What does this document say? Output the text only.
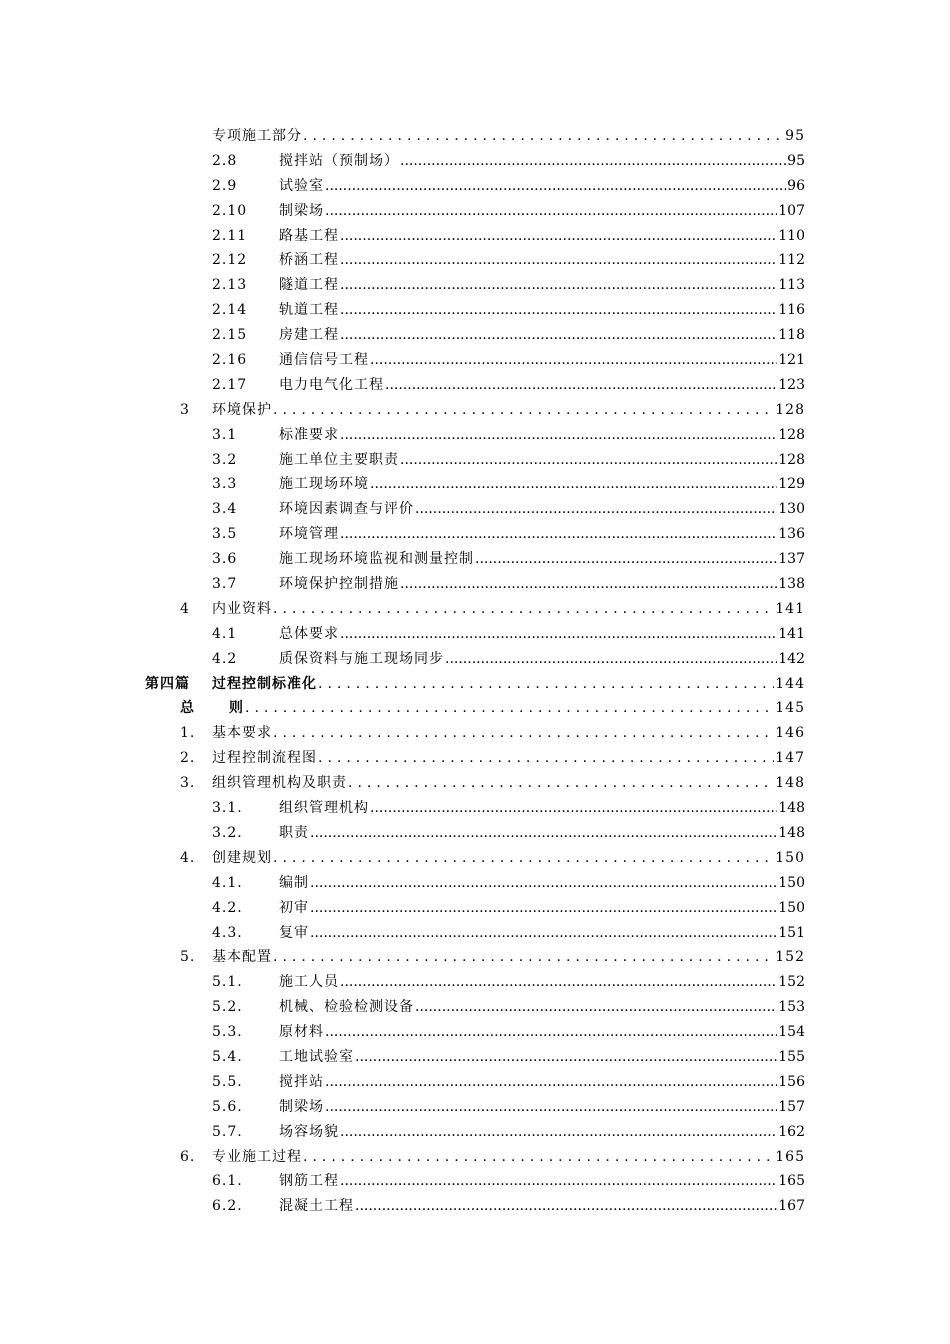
专项施工部分 .....	95
2.8	搅拌站（预制场） .....	95
2.9	试验室 .....	96
2.10 制梁场 .....	107
2.11 路基工程 .....	110
2.12 桥涵工程 .....	112
2.13 隧道工程 .....	113
2.14 轨道工程 .....	116
2.15 房建工程 .....	118
2.16 通信信号工程 .....	121
2.17 电力电气化工程 .....	123
3 环境保护 .....	128
3.1	标准要求 .....	128
3.2	施工单位主要职责 .....	128
3.3	施工现场环境 .....	129
3.4	环境因素调查与评价 .....	130
3.5	环境管理 .....	136
3.6	施工现场环境监视和测量控制 .....	137
3.7	环境保护控制措施 .....	138
4 内业资料 .....	141
4.1	总体要求 .....	141
4.2	质保资料与施工现场同步 .....	142
第四篇 过程控制标准化 .....	144
总 则 .....	145
1. 基本要求 .....	146
2. 过程控制流程图 .....	147
3. 组织管理机构及职责 .....	148
3.1.	组织管理机构 .....	148
3.2.	职责 .....	148
4. 创建规划 .....	150
4.1.	编制 .....	150
4.2.	初审 .....	150
4.3.	复审 .....	151
5. 基本配置 .....	152
5.1.	施工人员 .....	152
5.2.	机械、检验检测设备 .....	153
5.3.	原材料 .....	154
5.4.	工地试验室 .....	155
5.5.	搅拌站 .....	156
5.6.	制梁场 .....	157
5.7.	场容场貌 .....	162
6. 专业施工过程 .....	165
6.1.	钢筋工程 .....	165
6.2.	混凝土工程 .....	167
